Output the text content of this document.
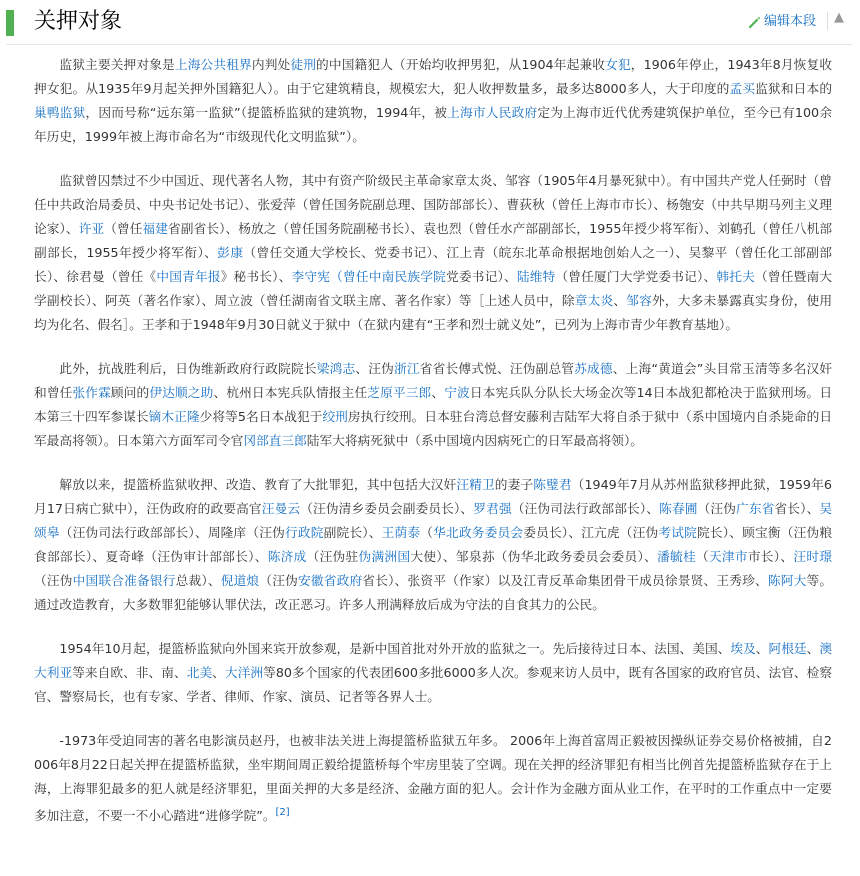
关押对象	编辑本段 ▲

监狱主要关押对象是上海公共租界内判处徒刑的中国籍犯人（开始均收押男犯，从1904年起兼收女犯，1906年停止，1943年8月恢复收押女犯。从1935年9月起关押外国籍犯人）。由于它建筑精良，规模宏大，犯人收押数量多，最多达8000多人，大于印度的孟买监狱和日本的巢鸭监狱，因而号称“远东第一监狱”（提篮桥监狱的建筑物，1994年，被上海市人民政府定为上海市近代优秀建筑保护单位，至今已有100余年历史，1999年被上海市命名为“市级现代化文明监狱”）。

监狱曾囚禁过不少中国近、现代著名人物，其中有资产阶级民主革命家章太炎、邹容（1905年4月暴死狱中）。有中国共产党人任弼时（曾任中共政治局委员、中央书记处书记）、张爱萍（曾任国务院副总理、国防部部长）、曹荻秋（曾任上海市市长）、杨匏安（中共早期马列主义理论家）、许亚（曾任福建省副省长）、杨放之（曾任国务院副秘书长）、袁也烈（曾任水产部副部长，1955年授少将军衔）、刘鹤孔（曾任八机部副部长，1955年授少将军衔）、彭康（曾任交通大学校长、党委书记）、江上青（皖东北革命根据地创始人之一）、吴黎平（曾任化工部副部长）、徐君曼（曾任《中国青年报》秘书长）、李守宪（曾任中南民族学院党委书记）、陆维特（曾任厦门大学党委书记）、韩托夫（曾任暨南大学副校长）、阿英（著名作家）、周立波（曾任湖南省文联主席、著名作家）等［上述人员中，除章太炎、邹容外，大多未暴露真实身份，使用均为化名、假名］。王孝和于1948年9月30日就义于狱中（在狱内建有“王孝和烈士就义处”，已列为上海市青少年教育基地）。

此外，抗战胜利后，日伪维新政府行政院院长梁鸿志、汪伪浙江省省长傅式悦、汪伪副总管苏成德、上海“黄道会”头目常玉清等多名汉奸和曾任张作霖顾问的伊达顺之助、杭州日本宪兵队情报主任芝原平三郎、宁波日本宪兵队分队长大场金次等14日本战犯都枪决于监狱刑场。日本第三十四军参谋长镝木正隆少将等5名日本战犯于绞刑房执行绞刑。日本驻台湾总督安藤利吉陆军大将自杀于狱中（系中国境内自杀毙命的日军最高将领）。日本第六方面军司令官冈部直三郎陆军大将病死狱中（系中国境内因病死亡的日军最高将领）。

解放以来，提篮桥监狱收押、改造、教育了大批罪犯，其中包括大汉奸汪精卫的妻子陈璧君（1949年7月从苏州监狱移押此狱，1959年6月17日病亡狱中），汪伪政府的政要高官汪曼云（汪伪清乡委员会副委员长）、罗君强（汪伪司法行政部部长）、陈春圃（汪伪广东省省长）、吴颂皋（汪伪司法行政部部长）、周隆庠（汪伪行政院副院长）、王荫泰（华北政务委员会委员长）、江亢虎（汪伪考试院院长）、顾宝衡（汪伪粮食部部长）、夏奇峰（汪伪审计部部长）、陈济成（汪伪驻伪满洲国大使）、邹泉荪（伪华北政务委员会委员）、潘毓桂（天津市市长）、汪时璟（汪伪中国联合准备银行总裁）、倪道烺（汪伪安徽省政府省长）、张资平（作家）以及江青反革命集团骨干成员徐景贤、王秀珍、陈阿大等。通过改造教育，大多数罪犯能够认罪伏法，改正恶习。许多人刑满释放后成为守法的自食其力的公民。

1954年10月起，提篮桥监狱向外国来宾开放参观，是新中国首批对外开放的监狱之一。先后接待过日本、法国、美国、埃及、阿根廷、澳大利亚等来自欧、非、南、北美、大洋洲等80多个国家的代表团600多批6000多人次。参观来访人员中，既有各国家的政府官员、法官、检察官、警察局长，也有专家、学者、律师、作家、演员、记者等各界人士。

-1973年受迫同害的著名电影演员赵丹，也被非法关进上海提篮桥监狱五年多。 2006年上海首富周正毅被因操纵证券交易价格被捕，自2006年8月22日起关押在提篮桥监狱，坐牢期间周正毅给提篮桥每个牢房里装了空调。现在关押的经济罪犯有相当比例首先提篮桥监狱存在于上海，上海罪犯最多的犯人就是经济罪犯，里面关押的大多是经济、金融方面的犯人。会计作为金融方面从业工作，在平时的工作重点中一定要多加注意，不要一不小心踏进“进修学院”。[2]
